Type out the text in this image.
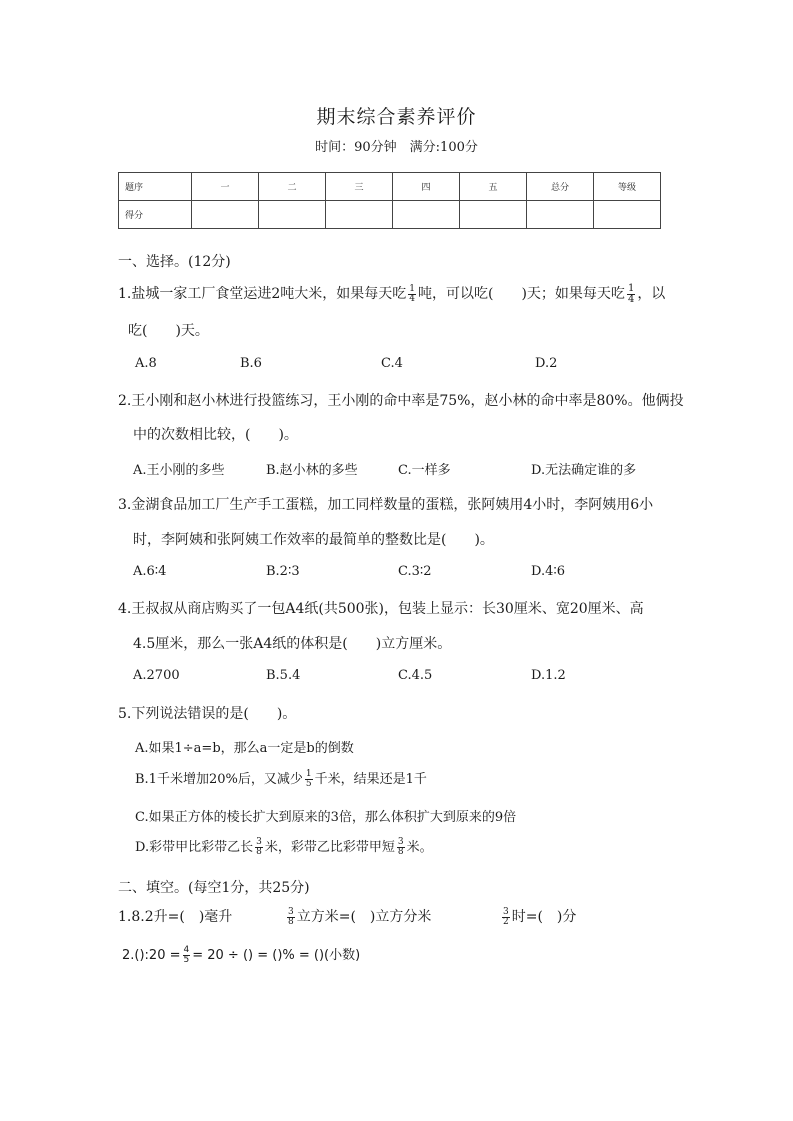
期末综合素养评价
时间：90分钟　满分:100分
题序	一	二	三	四	五	总分	等级
得分							
一、选择。(12分)
1.盐城一家工厂食堂运进2吨大米，如果每天吃 $\frac{1}{4}$ 吨，可以吃(　　)天；如果每天吃 $\frac{1}{4}$ ，以
吃(　　)天。
A.8	B.6	C.4	D.2
2.王小刚和赵小林进行投篮练习，王小刚的命中率是75%，赵小林的命中率是80%。他俩投
中的次数相比较，(　　)。
A.王小刚的多些	B.赵小林的多些	C.一样多	D.无法确定谁的多
3.金湖食品加工厂生产手工蛋糕，加工同样数量的蛋糕，张阿姨用4小时，李阿姨用6小
时，李阿姨和张阿姨工作效率的最简单的整数比是(　　)。
A.6∶4	B.2∶3	C.3∶2	D.4∶6
4.王叔叔从商店购买了一包A4纸(共500张)，包装上显示：长30厘米、宽20厘米、高
4.5厘米，那么一张A4纸的体积是(　　)立方厘米。
A.2700	B.5.4	C.4.5	D.1.2
5.下列说法错误的是(　　)。
A.如果1÷a=b，那么a一定是b的倒数
B.1千米增加20%后，又减少 $\frac{1}{5}$ 千米，结果还是1千
C.如果正方体的棱长扩大到原来的3倍，那么体积扩大到原来的9倍
D.彩带甲比彩带乙长 $\frac{3}{8}$ 米，彩带乙比彩带甲短 $\frac{3}{8}$ 米。
二、填空。(每空1分，共25分)
1.8.2升=(　)毫升	$\frac{3}{8}$ 立方米=(　)立方分米	$\frac{3}{2}$ 时=(　)分
2.():20 = $\frac{4}{5} = 20$ ÷ () = ()% = ()(小数)
